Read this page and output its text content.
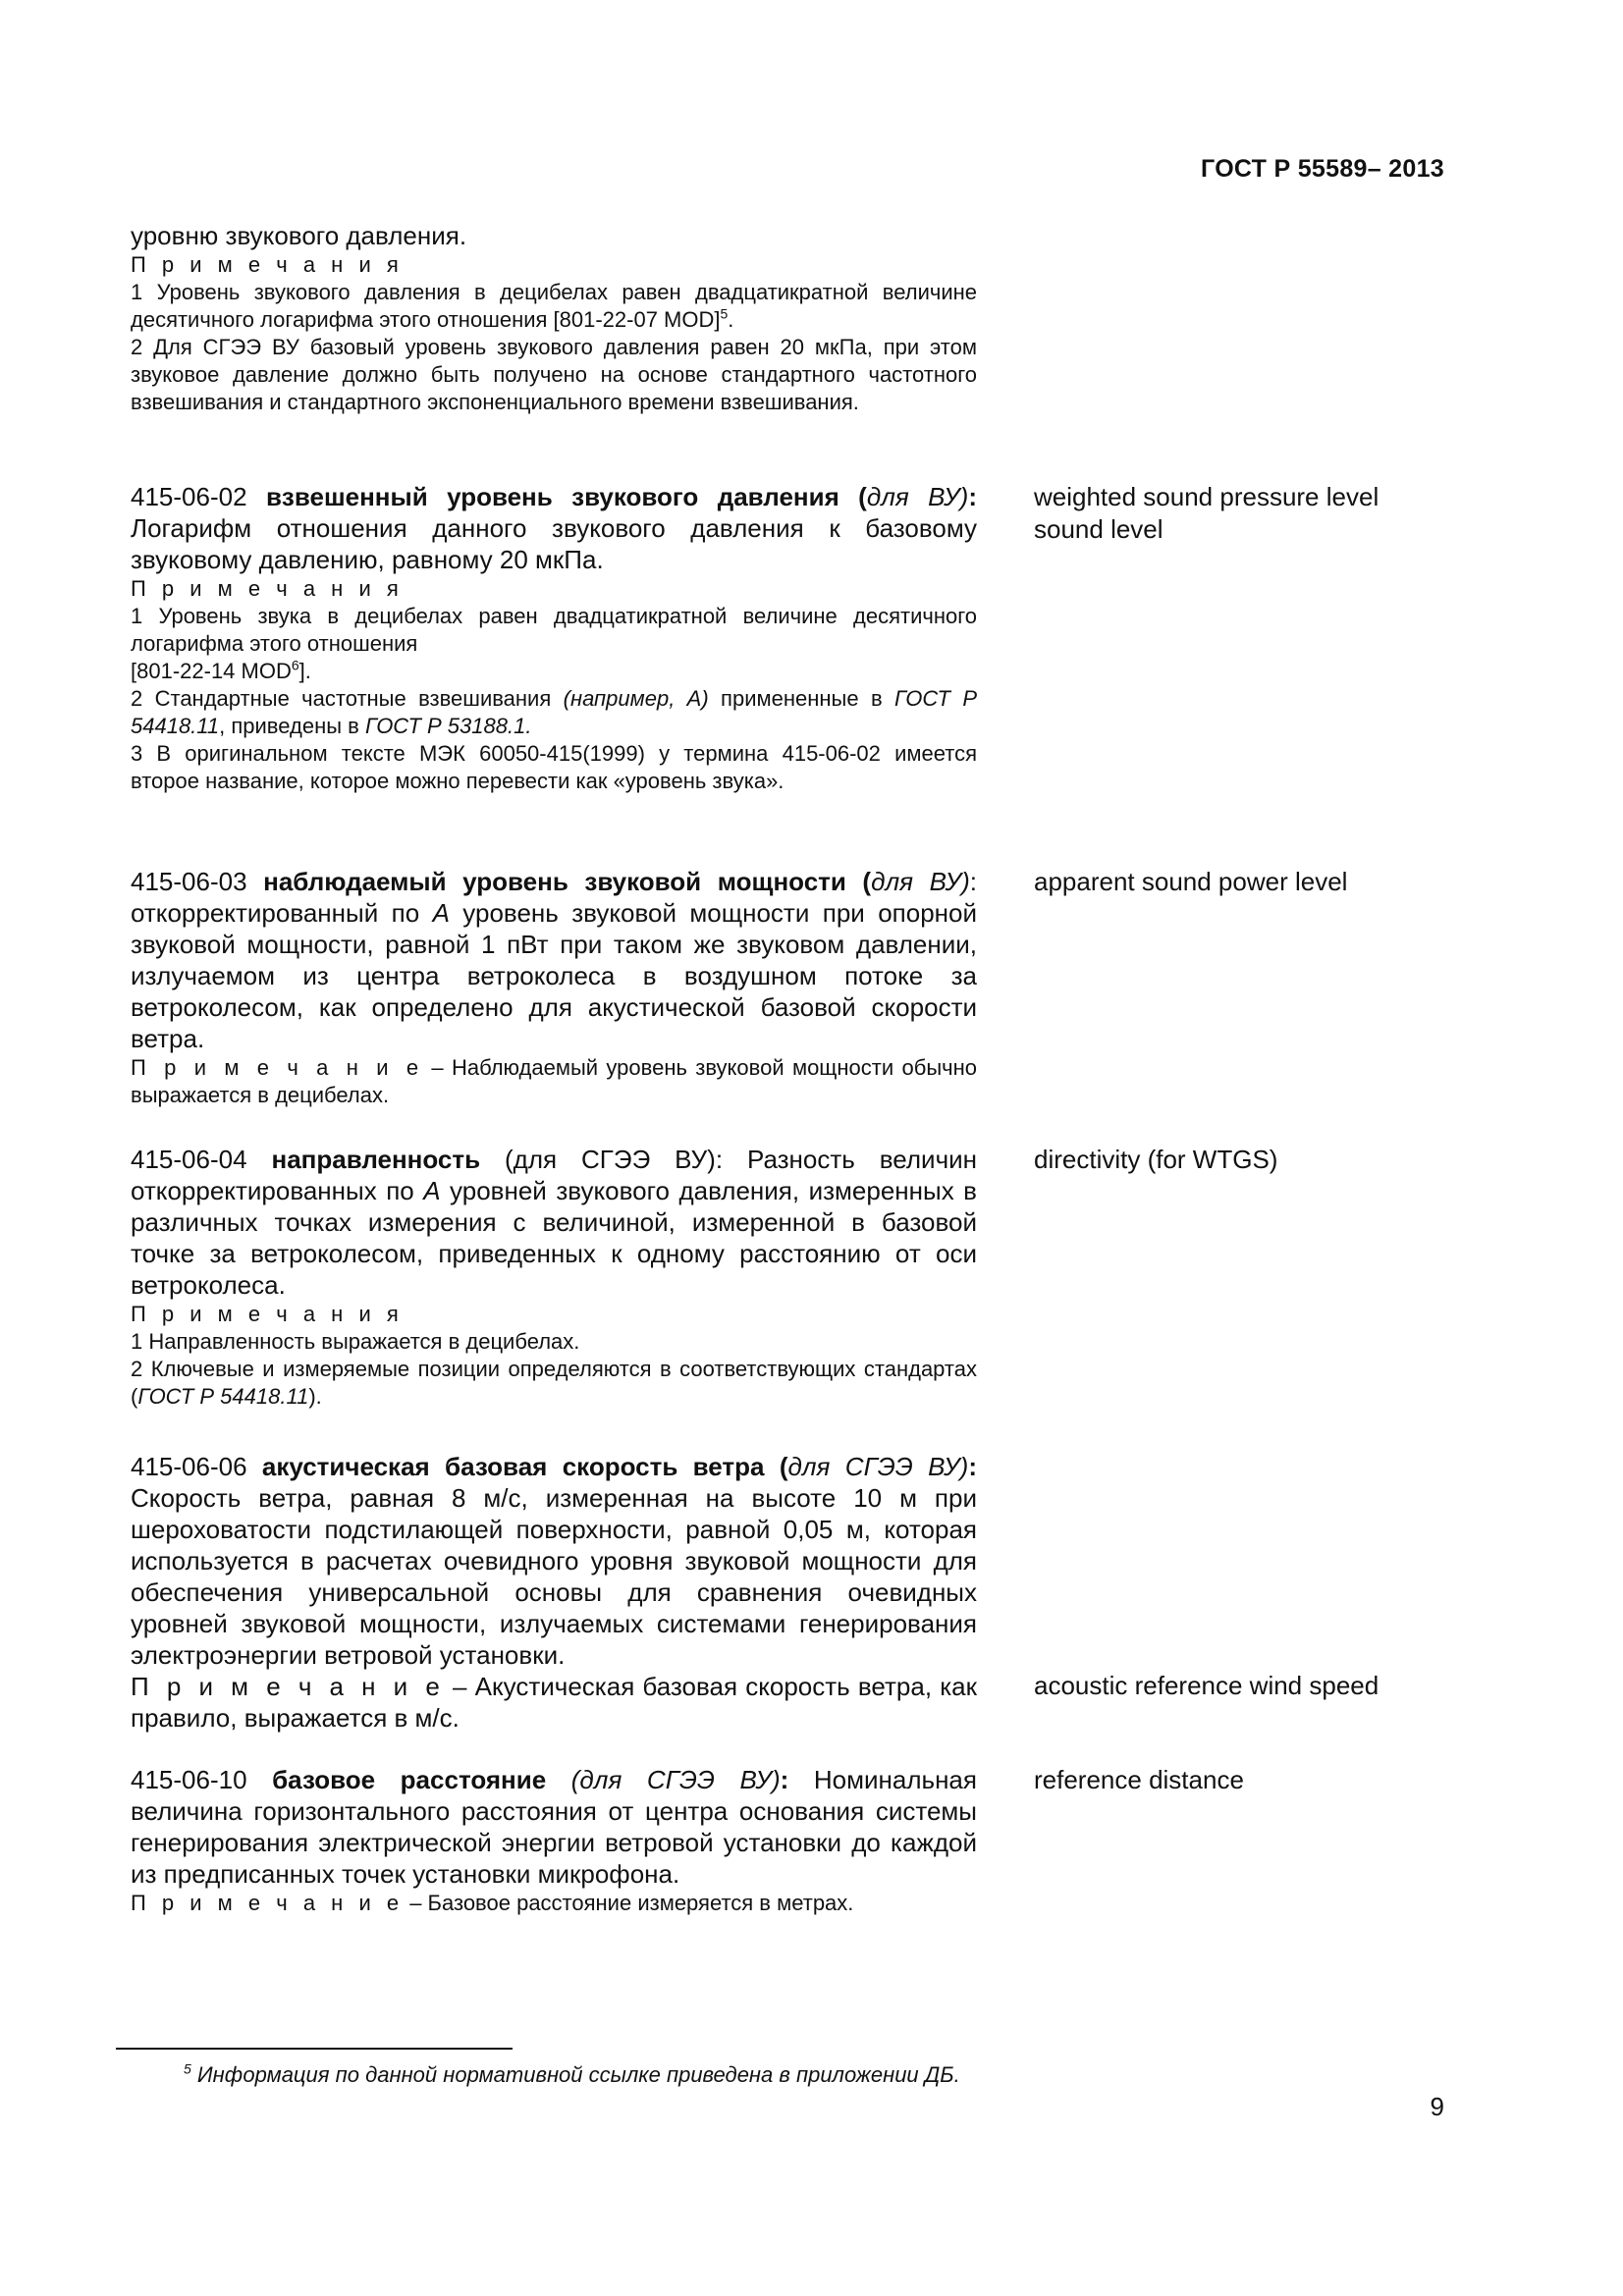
ГОСТ Р 55589– 2013
уровню звукового давления.
П р и м е ч а н и я
1 Уровень звукового давления в децибелах равен двадцатикратной величине десятичного логарифма этого отношения [801-22-07 MOD]$^5$.
2 Для СГЭЭ ВУ базовый уровень звукового давления равен 20 мкПа, при этом звуковое давление должно быть получено на основе стандартного частотного взвешивания и стандартного экспоненциального времени взвешивания.
415-06-02 взвешенный уровень звукового давления (для ВУ): Логарифм отношения данного звукового давления к базовому звуковому давлению, равному 20 мкПа.
П р и м е ч а н и я
1 Уровень звука в децибелах равен двадцатикратной величине десятичного логарифма этого отношения
[801-22-14 MOD$^6$].
2 Стандартные частотные взвешивания (например, А) примененные в ГОСТ Р 54418.11, приведены в ГОСТ Р 53188.1.
3 В оригинальном тексте МЭК 60050-415(1999) у термина 415-06-02 имеется второе название, которое можно перевести как «уровень звука».
weighted sound pressure level
sound level
415-06-03 наблюдаемый уровень звуковой мощности (для ВУ): откорректированный по А уровень звуковой мощности при опорной звуковой мощности, равной 1 пВт при таком же звуковом давлении, излучаемом из центра ветроколеса в воздушном потоке за ветроколесом, как определено для акустической базовой скорости ветра.
П р и м е ч а н и е – Наблюдаемый уровень звуковой мощности обычно выражается в децибелах.
apparent sound power level
415-06-04 направленность (для СГЭЭ ВУ): Разность величин откорректированных по А уровней звукового давления, измеренных в различных точках измерения с величиной, измеренной в базовой точке за ветроколесом, приведенных к одному расстоянию от оси ветроколеса.
П р и м е ч а н и я
1 Направленность выражается в децибелах.
2 Ключевые и измеряемые позиции определяются в соответствующих стандартах (ГОСТ Р 54418.11).
directivity (for WTGS)
415-06-06 акустическая базовая скорость ветра (для СГЭЭ ВУ): Скорость ветра, равная 8 м/с, измеренная на высоте 10 м при шероховатости подстилающей поверхности, равной 0,05 м, которая используется в расчетах очевидного уровня звуковой мощности для обеспечения универсальной основы для сравнения очевидных уровней звуковой мощности, излучаемых системами генерирования электроэнергии ветровой установки.
П р и м е ч а н и е – Акустическая базовая скорость ветра, как правило, выражается в м/с.
acoustic reference wind speed
415-06-10 базовое расстояние (для СГЭЭ ВУ): Номинальная величина горизонтального расстояния от центра основания системы генерирования электрической энергии ветровой установки до каждой из предписанных точек установки микрофона.
П р и м е ч а н и е – Базовое расстояние измеряется в метрах.
reference distance
$^5$ Информация по данной нормативной ссылке приведена в приложении ДБ.
9
